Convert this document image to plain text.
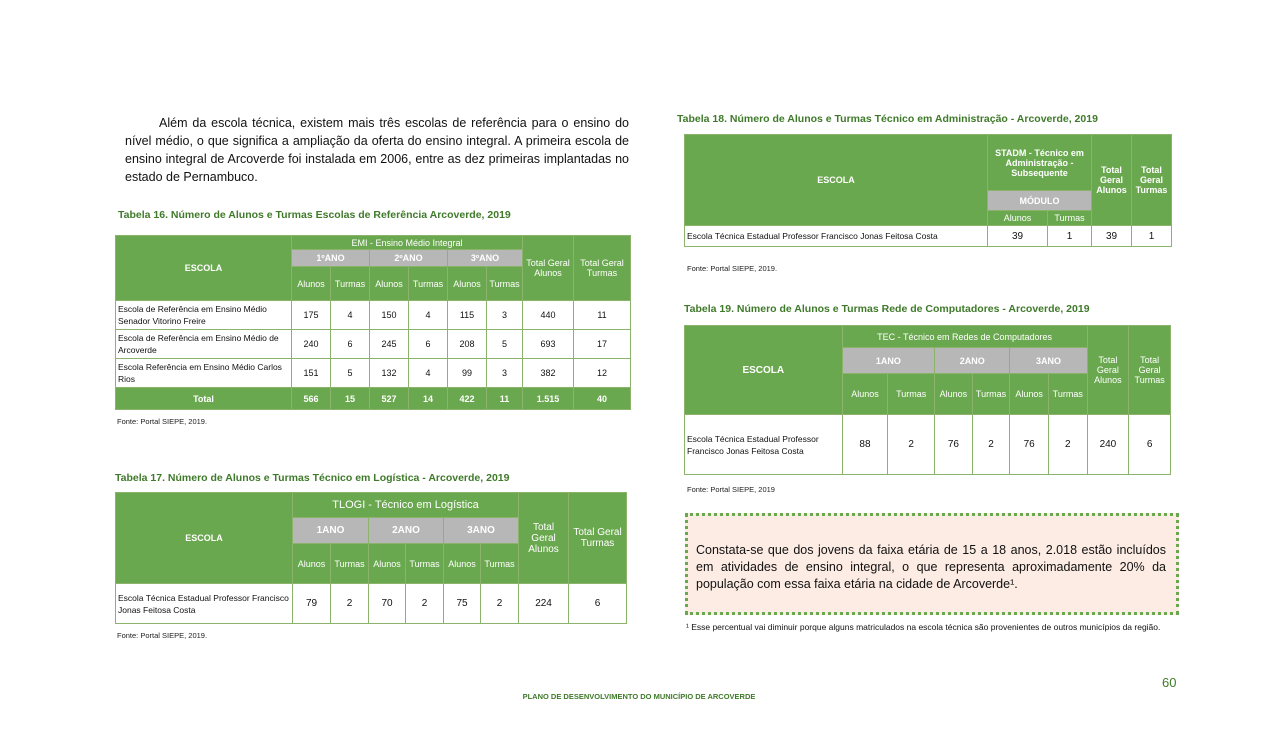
Além da escola técnica, existem mais três escolas de referência para o ensino do nível médio, o que significa a ampliação da oferta do ensino integral. A primeira escola de ensino integral de Arcoverde foi instalada em 2006, entre as dez primeiras implantadas no estado de Pernambuco.

Tabela 16. Número de Alunos e Turmas Escolas de Referência Arcoverde, 2019
ESCOLA	EMI - Ensino Médio Integral						Total Geral Alunos	Total Geral Turmas
	1ºANO		2ºANO		3ºANO			
	Alunos	Turmas	Alunos	Turmas	Alunos	Turmas		
Escola de Referência em Ensino Médio Senador Vitorino Freire	175	4	150	4	115	3	440	11
Escola de Referência em Ensino Médio de Arcoverde	240	6	245	6	208	5	693	17
Escola Referência em Ensino Médio Carlos Rios	151	5	132	4	99	3	382	12
Total	566	15	527	14	422	11	1.515	40
Fonte: Portal SIEPE, 2019.
Tabela 17. Número de Alunos e Turmas Técnico em Logística - Arcoverde, 2019
ESCOLA	TLOGI - Técnico em Logística						Total Geral Alunos	Total Geral Turmas
	1ANO		2ANO		3ANO			
	Alunos	Turmas	Alunos	Turmas	Alunos	Turmas		
Escola Técnica Estadual Professor Francisco Jonas Feitosa Costa	79	2	70	2	75	2	224	6
Fonte: Portal SIEPE, 2019.
Tabela 18. Número de Alunos e Turmas Técnico em Administração - Arcoverde, 2019
ESCOLA	STADM - Técnico em Administração - Subsequente		Total Geral Alunos	Total Geral Turmas
	MÓDULO			
	Alunos	Turmas		
Escola Técnica Estadual Professor Francisco Jonas Feitosa Costa	39	1	39	1
Fonte: Portal SIEPE, 2019.
Tabela 19. Número de Alunos e Turmas Rede de Computadores - Arcoverde, 2019
ESCOLA	TEC - Técnico em Redes de Computadores						Total Geral Alunos	Total Geral Turmas
	1ANO		2ANO		3ANO			
	Alunos	Turmas	Alunos	Turmas	Alunos	Turmas		
Escola Técnica Estadual Professor Francisco Jonas Feitosa Costa	88	2	76	2	76	2	240	6
Fonte: Portal SIEPE, 2019
Constata-se que dos jovens da faixa etária de 15 a 18 anos, 2.018 estão incluídos em atividades de ensino integral, o que representa aproximadamente 20% da população com essa faixa etária na cidade de Arcoverde¹.
¹ Esse percentual vai diminuir porque alguns matriculados na escola técnica são provenientes de outros municípios da região.
60
PLANO DE DESENVOLVIMENTO DO MUNICÍPIO DE ARCOVERDE
